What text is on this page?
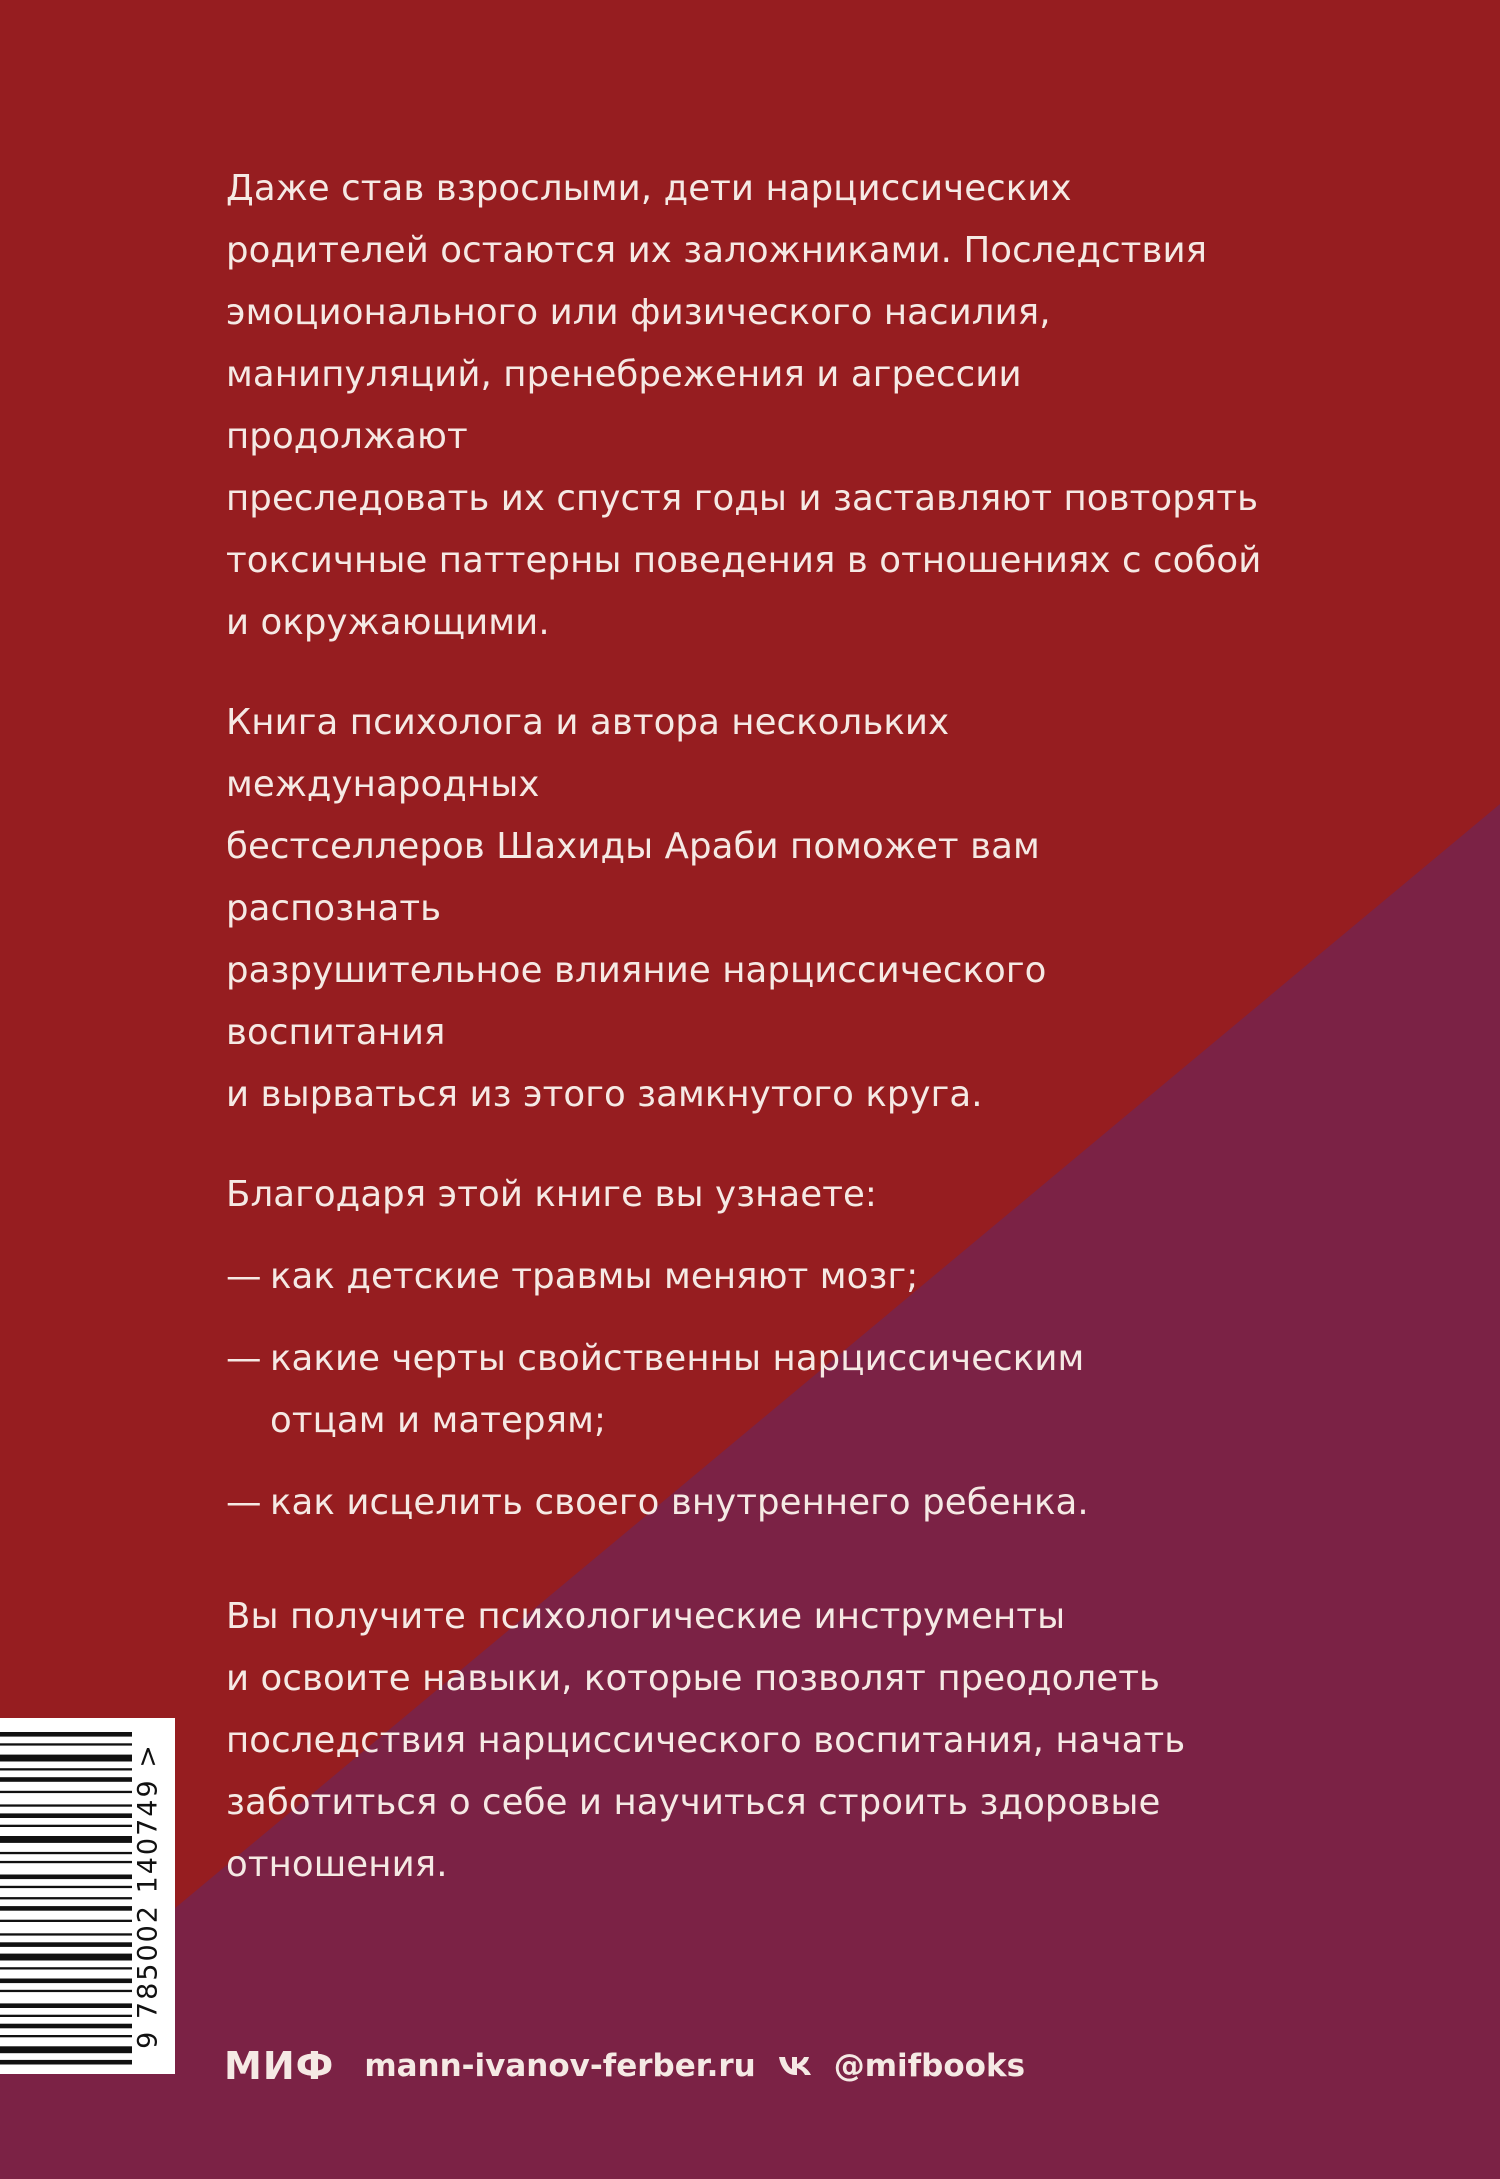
Даже став взрослыми, дети нарциссических
родителей остаются их заложниками. Последствия
эмоционального или физического насилия,
манипуляций, пренебрежения и агрессии продолжают
преследовать их спустя годы и заставляют повторять
токсичные паттерны поведения в отношениях с собой
и окружающими.

Книга психолога и автора нескольких международных
бестселлеров Шахиды Араби поможет вам распознать
разрушительное влияние нарциссического воспитания
и вырваться из этого замкнутого круга.

Благодаря этой книге вы узнаете:

— как детские травмы меняют мозг;
— какие черты свойственны нарциссическим
отцам и матерям;
— как исцелить своего внутреннего ребенка.

Вы получите психологические инструменты
и освоите навыки, которые позволят преодолеть
последствия нарциссического воспитания, начать
заботиться о себе и научиться строить здоровые
отношения.

9 785002 140749 >
МИФ mann-ivanov-ferber.ru	@mifbooks
